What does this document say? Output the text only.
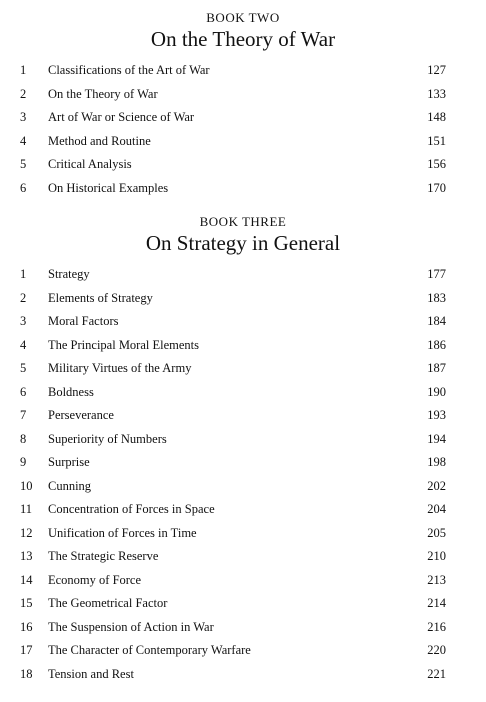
BOOK TWO
On the Theory of War
1	Classifications of the Art of War	127
2	On the Theory of War	133
3	Art of War or Science of War	148
4	Method and Routine	151
5	Critical Analysis	156
6	On Historical Examples	170
BOOK THREE
On Strategy in General
1	Strategy	177
2	Elements of Strategy	183
3	Moral Factors	184
4	The Principal Moral Elements	186
5	Military Virtues of the Army	187
6	Boldness	190
7	Perseverance	193
8	Superiority of Numbers	194
9	Surprise	198
10	Cunning	202
11	Concentration of Forces in Space	204
12	Unification of Forces in Time	205
13	The Strategic Reserve	210
14	Economy of Force	213
15	The Geometrical Factor	214
16	The Suspension of Action in War	216
17	The Character of Contemporary Warfare	220
18	Tension and Rest	221
